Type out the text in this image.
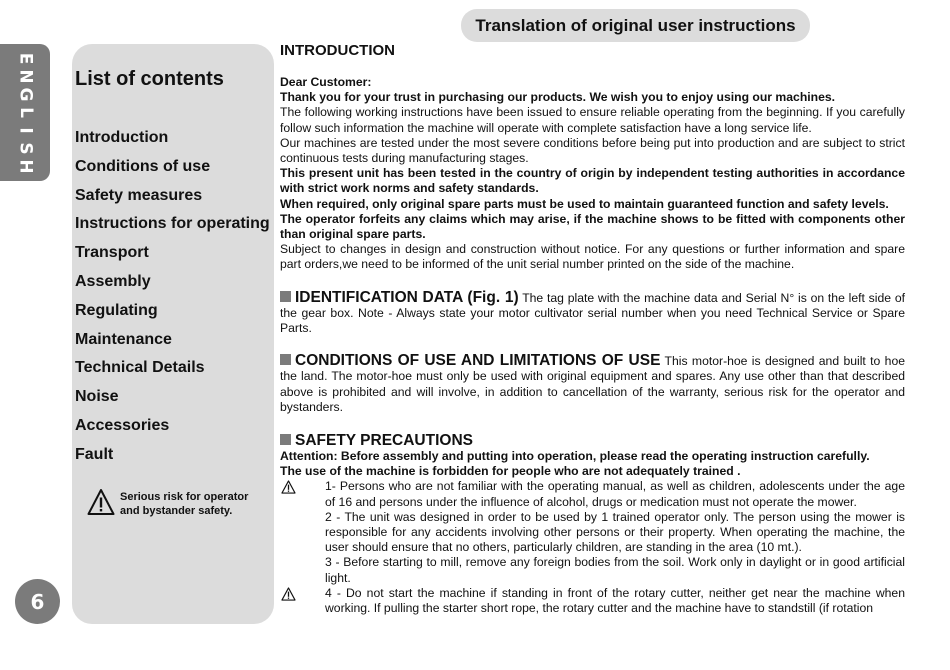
E
N
G
L
I
S
H
6
Translation of original user instructions
List of contents
Introduction
Conditions of use
Safety measures
Instructions for operating
Transport
Assembly
Regulating
Maintenance
Technical Details
Noise
Accessories
Fault
Serious risk for operator and bystander safety.

INTRODUCTION

Dear Customer:

Thank you for your trust in purchasing our products. We wish you to enjoy using our machines.

The following working instructions have been issued to ensure reliable operating from the beginning. If you carefully follow such information the machine will operate with complete satisfaction have a long service life.

Our machines are tested under the most severe conditions before being put into production and are subject to strict continuous tests during manufacturing stages.

This present unit has been tested in the country of origin by independent testing authorities in accordance with strict work norms and safety standards.

When required, only original spare parts must be used to maintain guaranteed function and safety levels.

The operator forfeits any claims which may arise, if the machine shows to be fitted with components other than original spare parts.

Subject to changes in design and construction without notice. For any questions or further information and spare part orders,we need to be informed of the unit serial number printed on the side of the machine.

IDENTIFICATION DATA (Fig. 1) The tag plate with the machine data and Serial N° is on the left side of the gear box. Note - Always state your motor cultivator serial number when you need Technical Service or Spare Parts.

CONDITIONS OF USE AND LIMITATIONS OF USE This motor-hoe is designed and built to hoe the land. The motor-hoe must only be used with original equipment and spares. Any use other than that described above is prohibited and will involve, in addition to cancellation of the warranty, serious risk for the operator and bystanders.

SAFETY PRECAUTIONS

Attention: Before assembly and putting into operation, please read the operating instruction carefully.

The use of the machine is forbidden for people who are not adequately trained .

1- Persons who are not familiar with the operating manual, as well as children, adolescents under the age of 16 and persons under the influence of alcohol, drugs or medication must not operate the mower.

2 - The unit was designed in order to be used by 1 trained operator only. The person using the mower is responsible for any accidents involving other persons or their property. When operating the machine, the user should ensure that no others, particularly children, are standing in the area (10 mt.).

3 - Before starting to mill, remove any foreign bodies from the soil. Work only in daylight or in good artificial light.

4 - Do not start the machine if standing in front of the rotary cutter, neither get near the machine when working. If pulling the starter short rope, the rotary cutter and the machine have to standstill (if rotation
